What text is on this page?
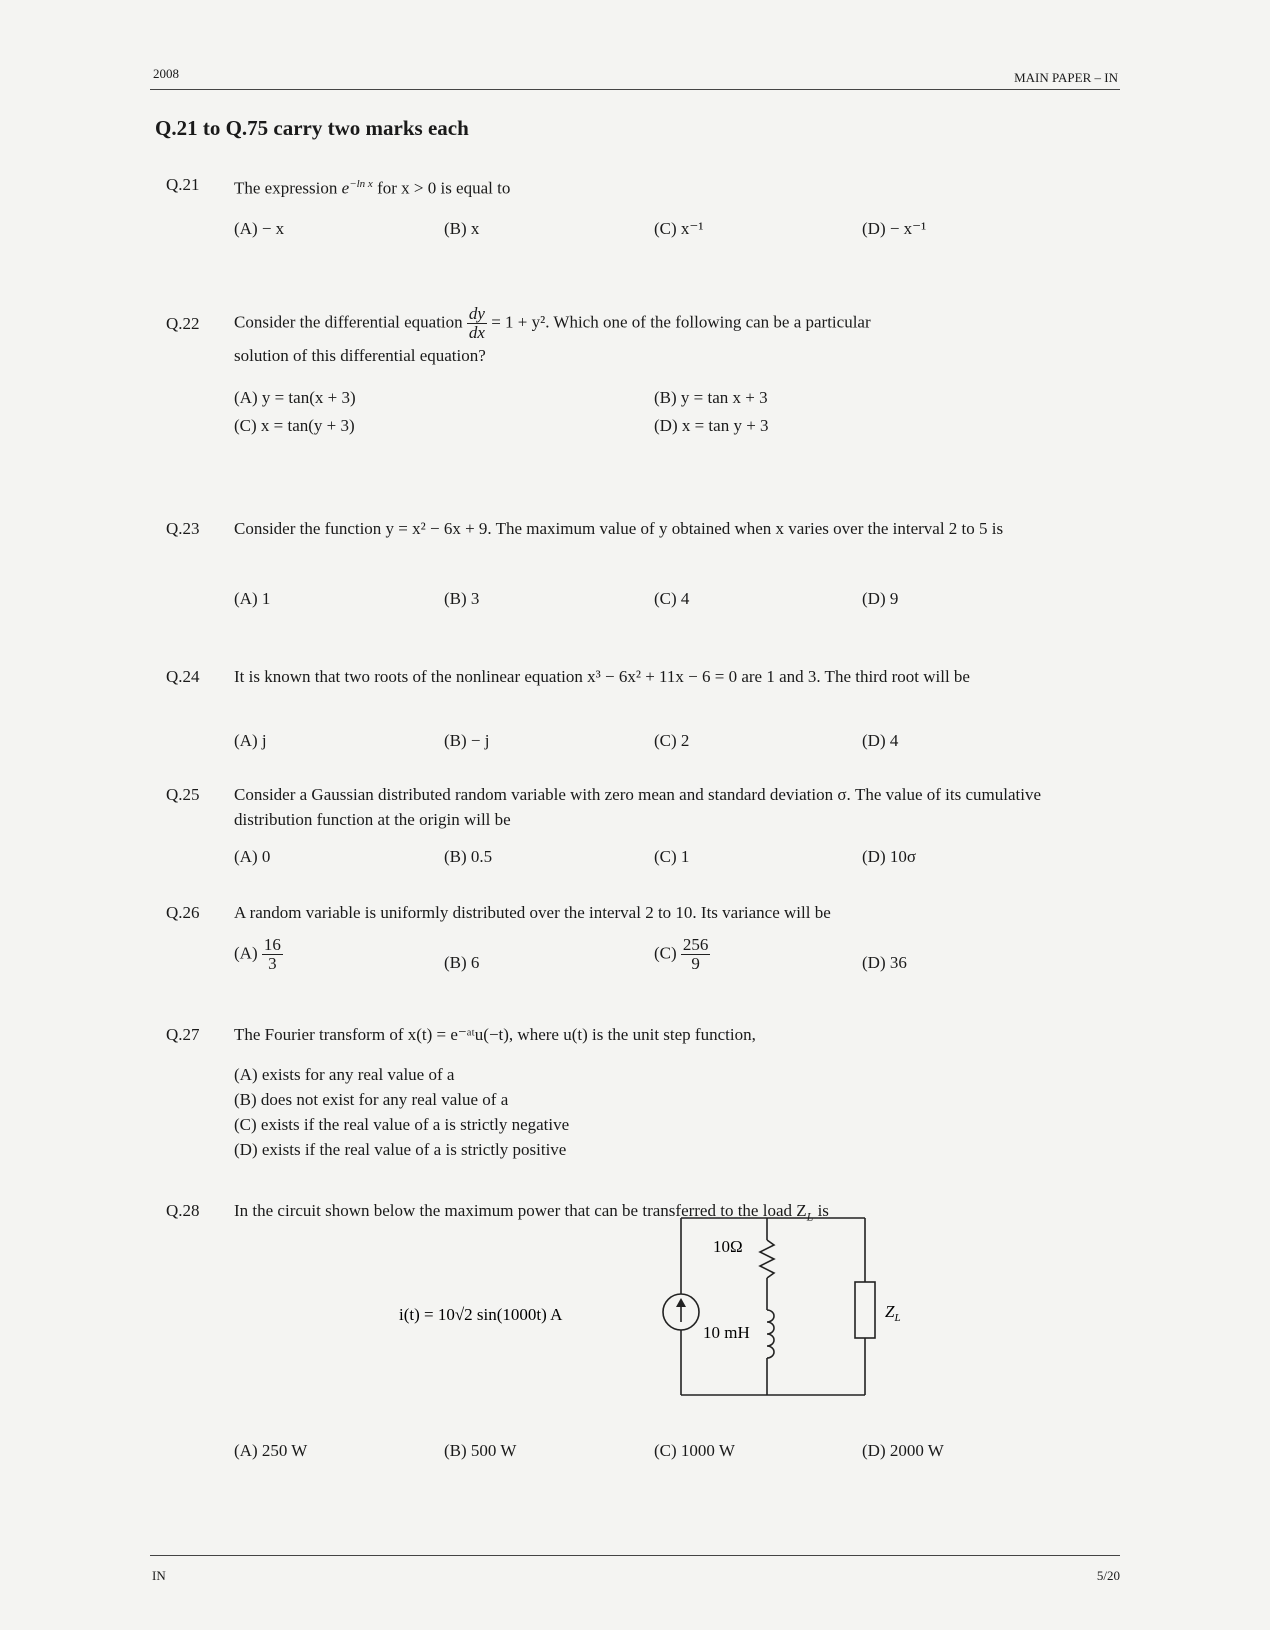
2008	MAIN PAPER – IN
Q.21 to Q.75 carry two marks each
Q.21	The expression $e^{-ln x}$ for x > 0 is equal to
(A) − x	(B) x	(C) x⁻¹	(D) − x⁻¹
Q.22	Consider the differential equation $\frac{dy}{dx} = 1 + y^2$. Which one of the following can be a particular
solution of this differential equation?
(A) y = tan(x + 3)	(B) y = tan x + 3
(C) x = tan(y + 3)	(D) x = tan y + 3
Q.23	Consider the function y = x² − 6x + 9. The maximum value of y obtained when x varies over the interval 2 to 5 is
(A) 1	(B) 3	(C) 4	(D) 9
Q.24	It is known that two roots of the nonlinear equation x³ − 6x² + 11x − 6 = 0 are 1 and 3. The third root will be
(A) j	(B) − j	(C) 2	(D) 4
Q.25	Consider a Gaussian distributed random variable with zero mean and standard deviation σ. The value of its cumulative distribution function at the origin will be
(A) 0	(B) 0.5	(C) 1	(D) 10σ
Q.26	A random variable is uniformly distributed over the interval 2 to 10. Its variance will be
$(A) \frac{16}{3}$	(B) 6
$(C) \frac{256}{9}$	(D) 36
Q.27	The Fourier transform of x(t) = e⁻ᵃᵗu(−t), where u(t) is the unit step function,
(A) exists for any real value of a
(B) does not exist for any real value of a
(C) exists if the real value of a is strictly negative
(D) exists if the real value of a is strictly positive
Q.28	In the circuit shown below the maximum power that can be transferred to the load $Z_L$ is
10Ω
10 mH
i(t) = 10√2 sin(1000t) A	$Z_L$
(A) 250 W	(B) 500 W	(C) 1000 W	(D) 2000 W
IN	5/20
